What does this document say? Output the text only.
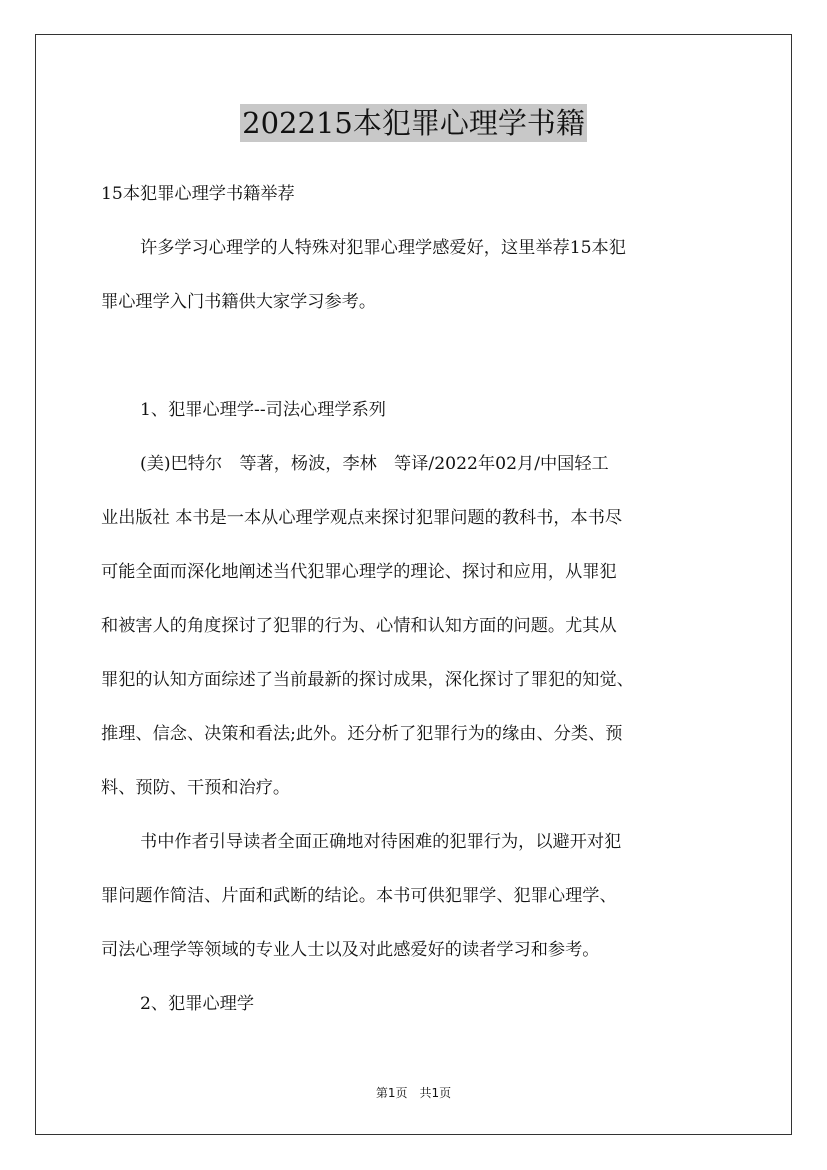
202215本犯罪心理学书籍
15本犯罪心理学书籍举荐
许多学习心理学的人特殊对犯罪心理学感爱好，这里举荐15本犯
罪心理学入门书籍供大家学习参考。
1、犯罪心理学--司法心理学系列
(美)巴特尔　等著，杨波，李林　等译/2022年02月/中国轻工
业出版社 本书是一本从心理学观点来探讨犯罪问题的教科书，本书尽
可能全面而深化地阐述当代犯罪心理学的理论、探讨和应用，从罪犯
和被害人的角度探讨了犯罪的行为、心情和认知方面的问题。尤其从
罪犯的认知方面综述了当前最新的探讨成果，深化探讨了罪犯的知觉、
推理、信念、决策和看法;此外。还分析了犯罪行为的缘由、分类、预
料、预防、干预和治疗。
书中作者引导读者全面正确地对待困难的犯罪行为，以避开对犯
罪问题作简洁、片面和武断的结论。本书可供犯罪学、犯罪心理学、
司法心理学等领域的专业人士以及对此感爱好的读者学习和参考。
2、犯罪心理学
第1页　共1页
